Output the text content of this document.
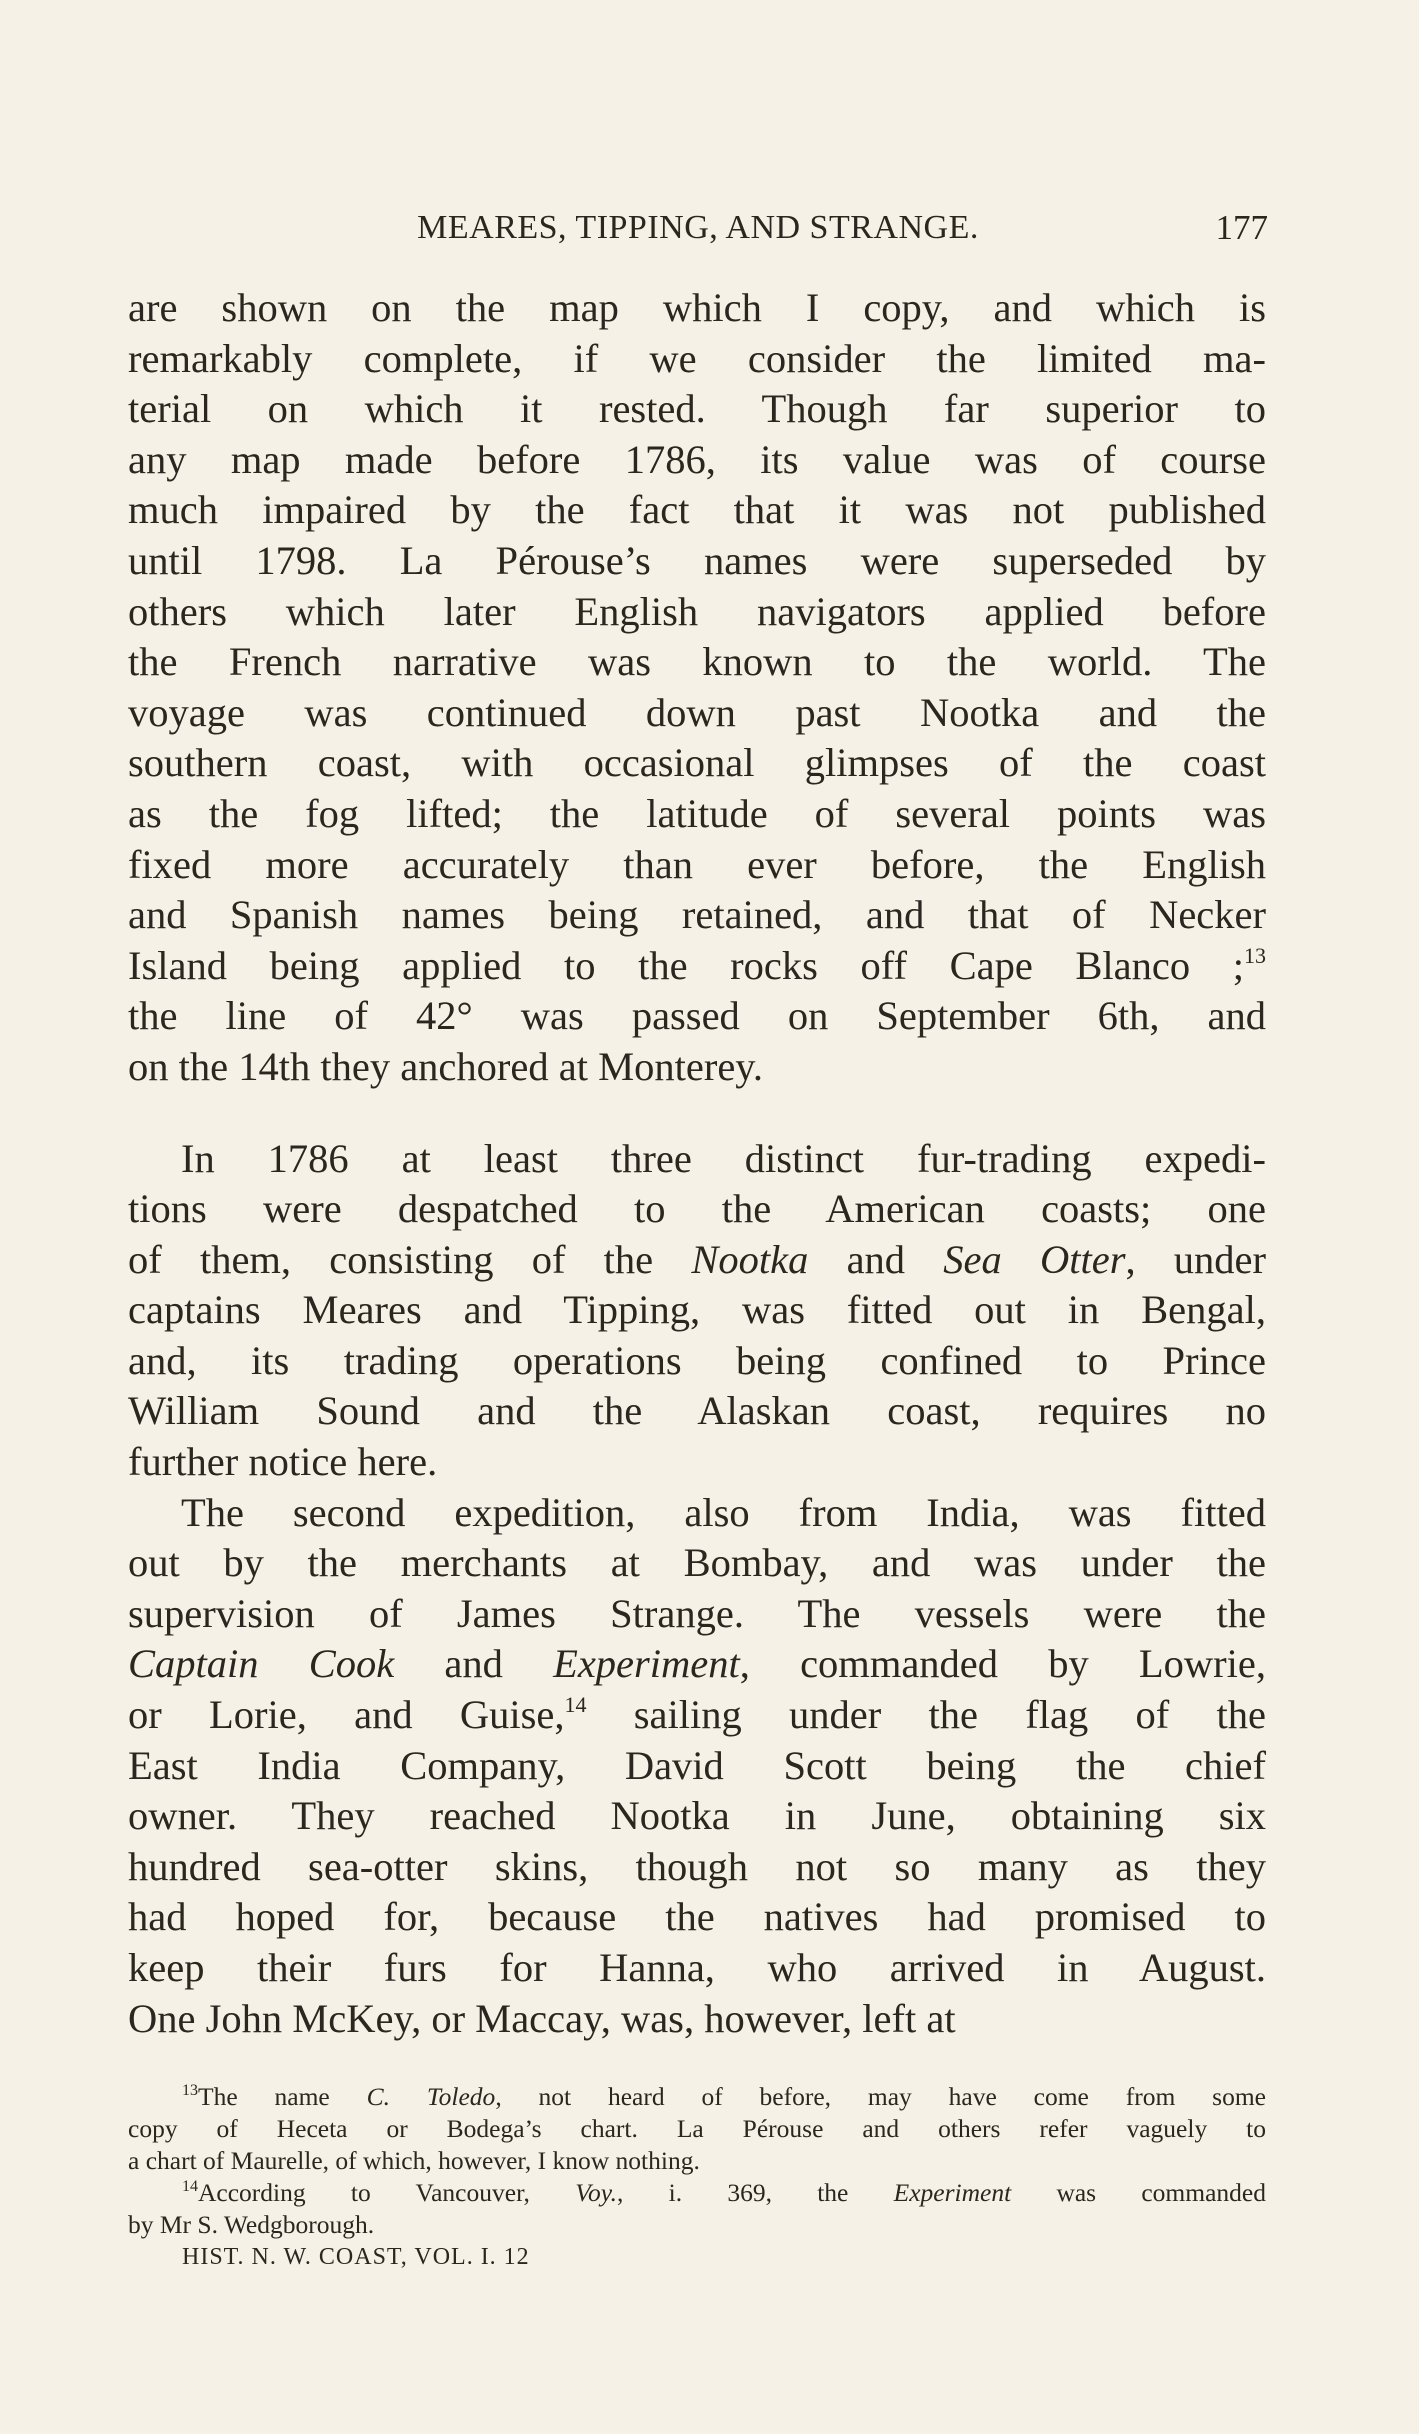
MEARES, TIPPING, AND STRANGE.	177
are shown on the map which I copy, and which is
remarkably complete, if we consider the limited ma-
terial on which it rested. Though far superior to
any map made before 1786, its value was of course
much impaired by the fact that it was not published
until 1798. La Pérouse’s names were superseded by
others which later English navigators applied before
the French narrative was known to the world. The
voyage was continued down past Nootka and the
southern coast, with occasional glimpses of the coast
as the fog lifted; the latitude of several points was
fixed more accurately than ever before, the English
and Spanish names being retained, and that of Necker
Island being applied to the rocks off Cape Blanco ;$^{13}$
the line of 42° was passed on September 6th, and
on the 14th they anchored at Monterey.
In 1786 at least three distinct fur-trading expedi-
tions were despatched to the American coasts; one
of them, consisting of the Nootka and Sea Otter, under
captains Meares and Tipping, was fitted out in Bengal,
and, its trading operations being confined to Prince
William Sound and the Alaskan coast, requires no
further notice here.
The second expedition, also from India, was fitted
out by the merchants at Bombay, and was under the
supervision of James Strange. The vessels were the
Captain Cook and Experiment, commanded by Lowrie,
or Lorie, and Guise,$^{14}$ sailing under the flag of the
East India Company, David Scott being the chief
owner. They reached Nootka in June, obtaining six
hundred sea-otter skins, though not so many as they
had hoped for, because the natives had promised to
keep their furs for Hanna, who arrived in August.
One John McKey, or Maccay, was, however, left at
$^{13}$The name C. Toledo, not heard of before, may have come from some
copy of Heceta or Bodega’s chart. La Pérouse and others refer vaguely to
a chart of Maurelle, of which, however, I know nothing.
$^{14}$According to Vancouver, Voy., i. 369, the Experiment was commanded
by Mr S. Wedgborough.
HIST. N. W. COAST, VOL. I. 12
